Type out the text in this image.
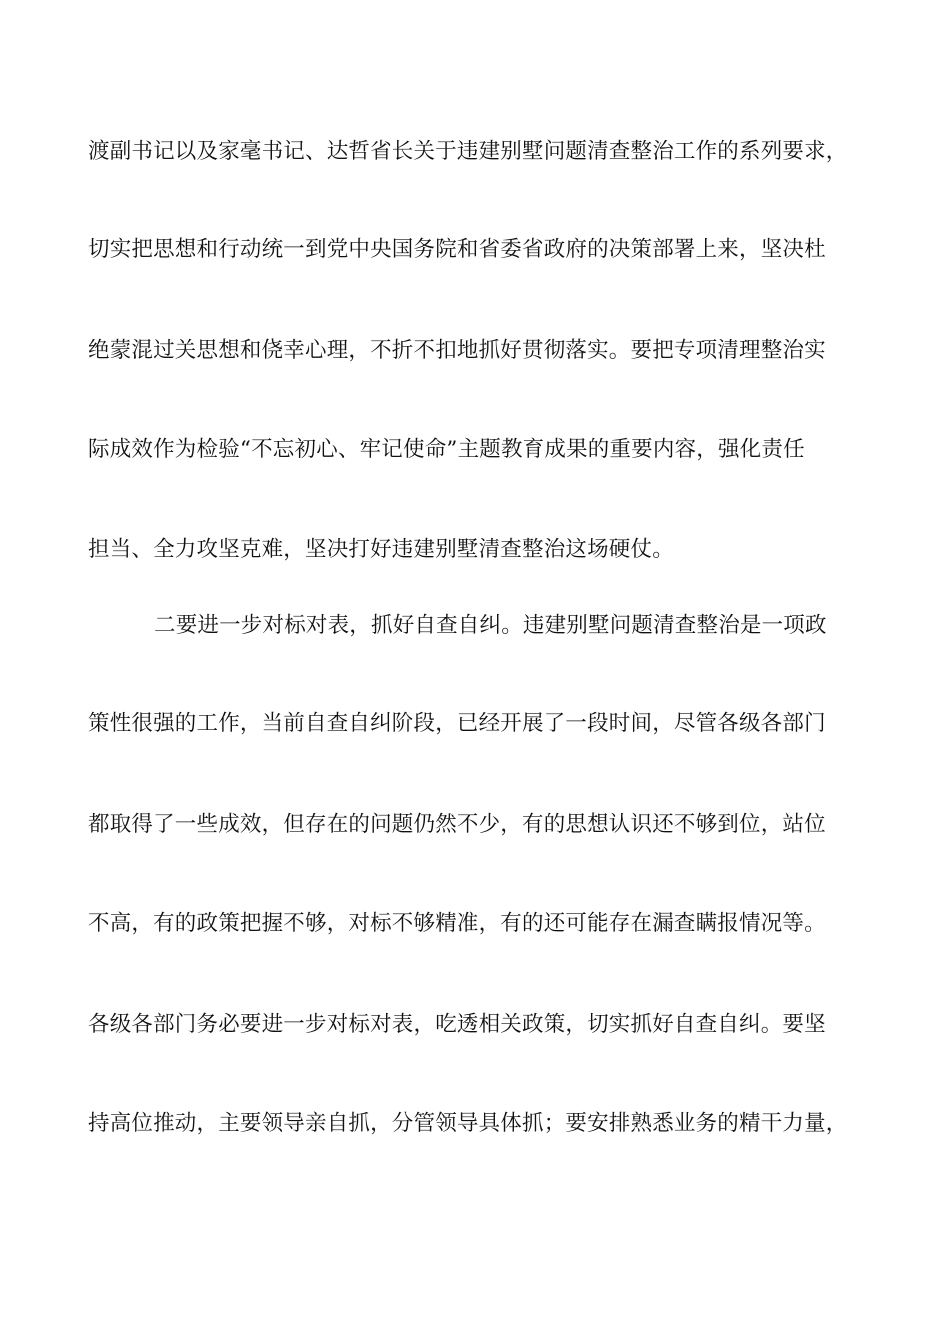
渡副书记以及家毫书记、达哲省长关于违建别墅问题清查整治工作的系列要求，
切实把思想和行动统一到党中央国务院和省委省政府的决策部署上来，坚决杜
绝蒙混过关思想和侥幸心理，不折不扣地抓好贯彻落实。要把专项清理整治实
际成效作为检验“不忘初心、牢记使命”主题教育成果的重要内容，强化责任
担当、全力攻坚克难，坚决打好违建别墅清查整治这场硬仗。
二要进一步对标对表，抓好自查自纠。违建别墅问题清查整治是一项政
策性很强的工作，当前自查自纠阶段，已经开展了一段时间，尽管各级各部门
都取得了一些成效，但存在的问题仍然不少，有的思想认识还不够到位，站位
不高，有的政策把握不够，对标不够精准，有的还可能存在漏查瞒报情况等。
各级各部门务必要进一步对标对表，吃透相关政策，切实抓好自查自纠。要坚
持高位推动，主要领导亲自抓，分管领导具体抓；要安排熟悉业务的精干力量，
